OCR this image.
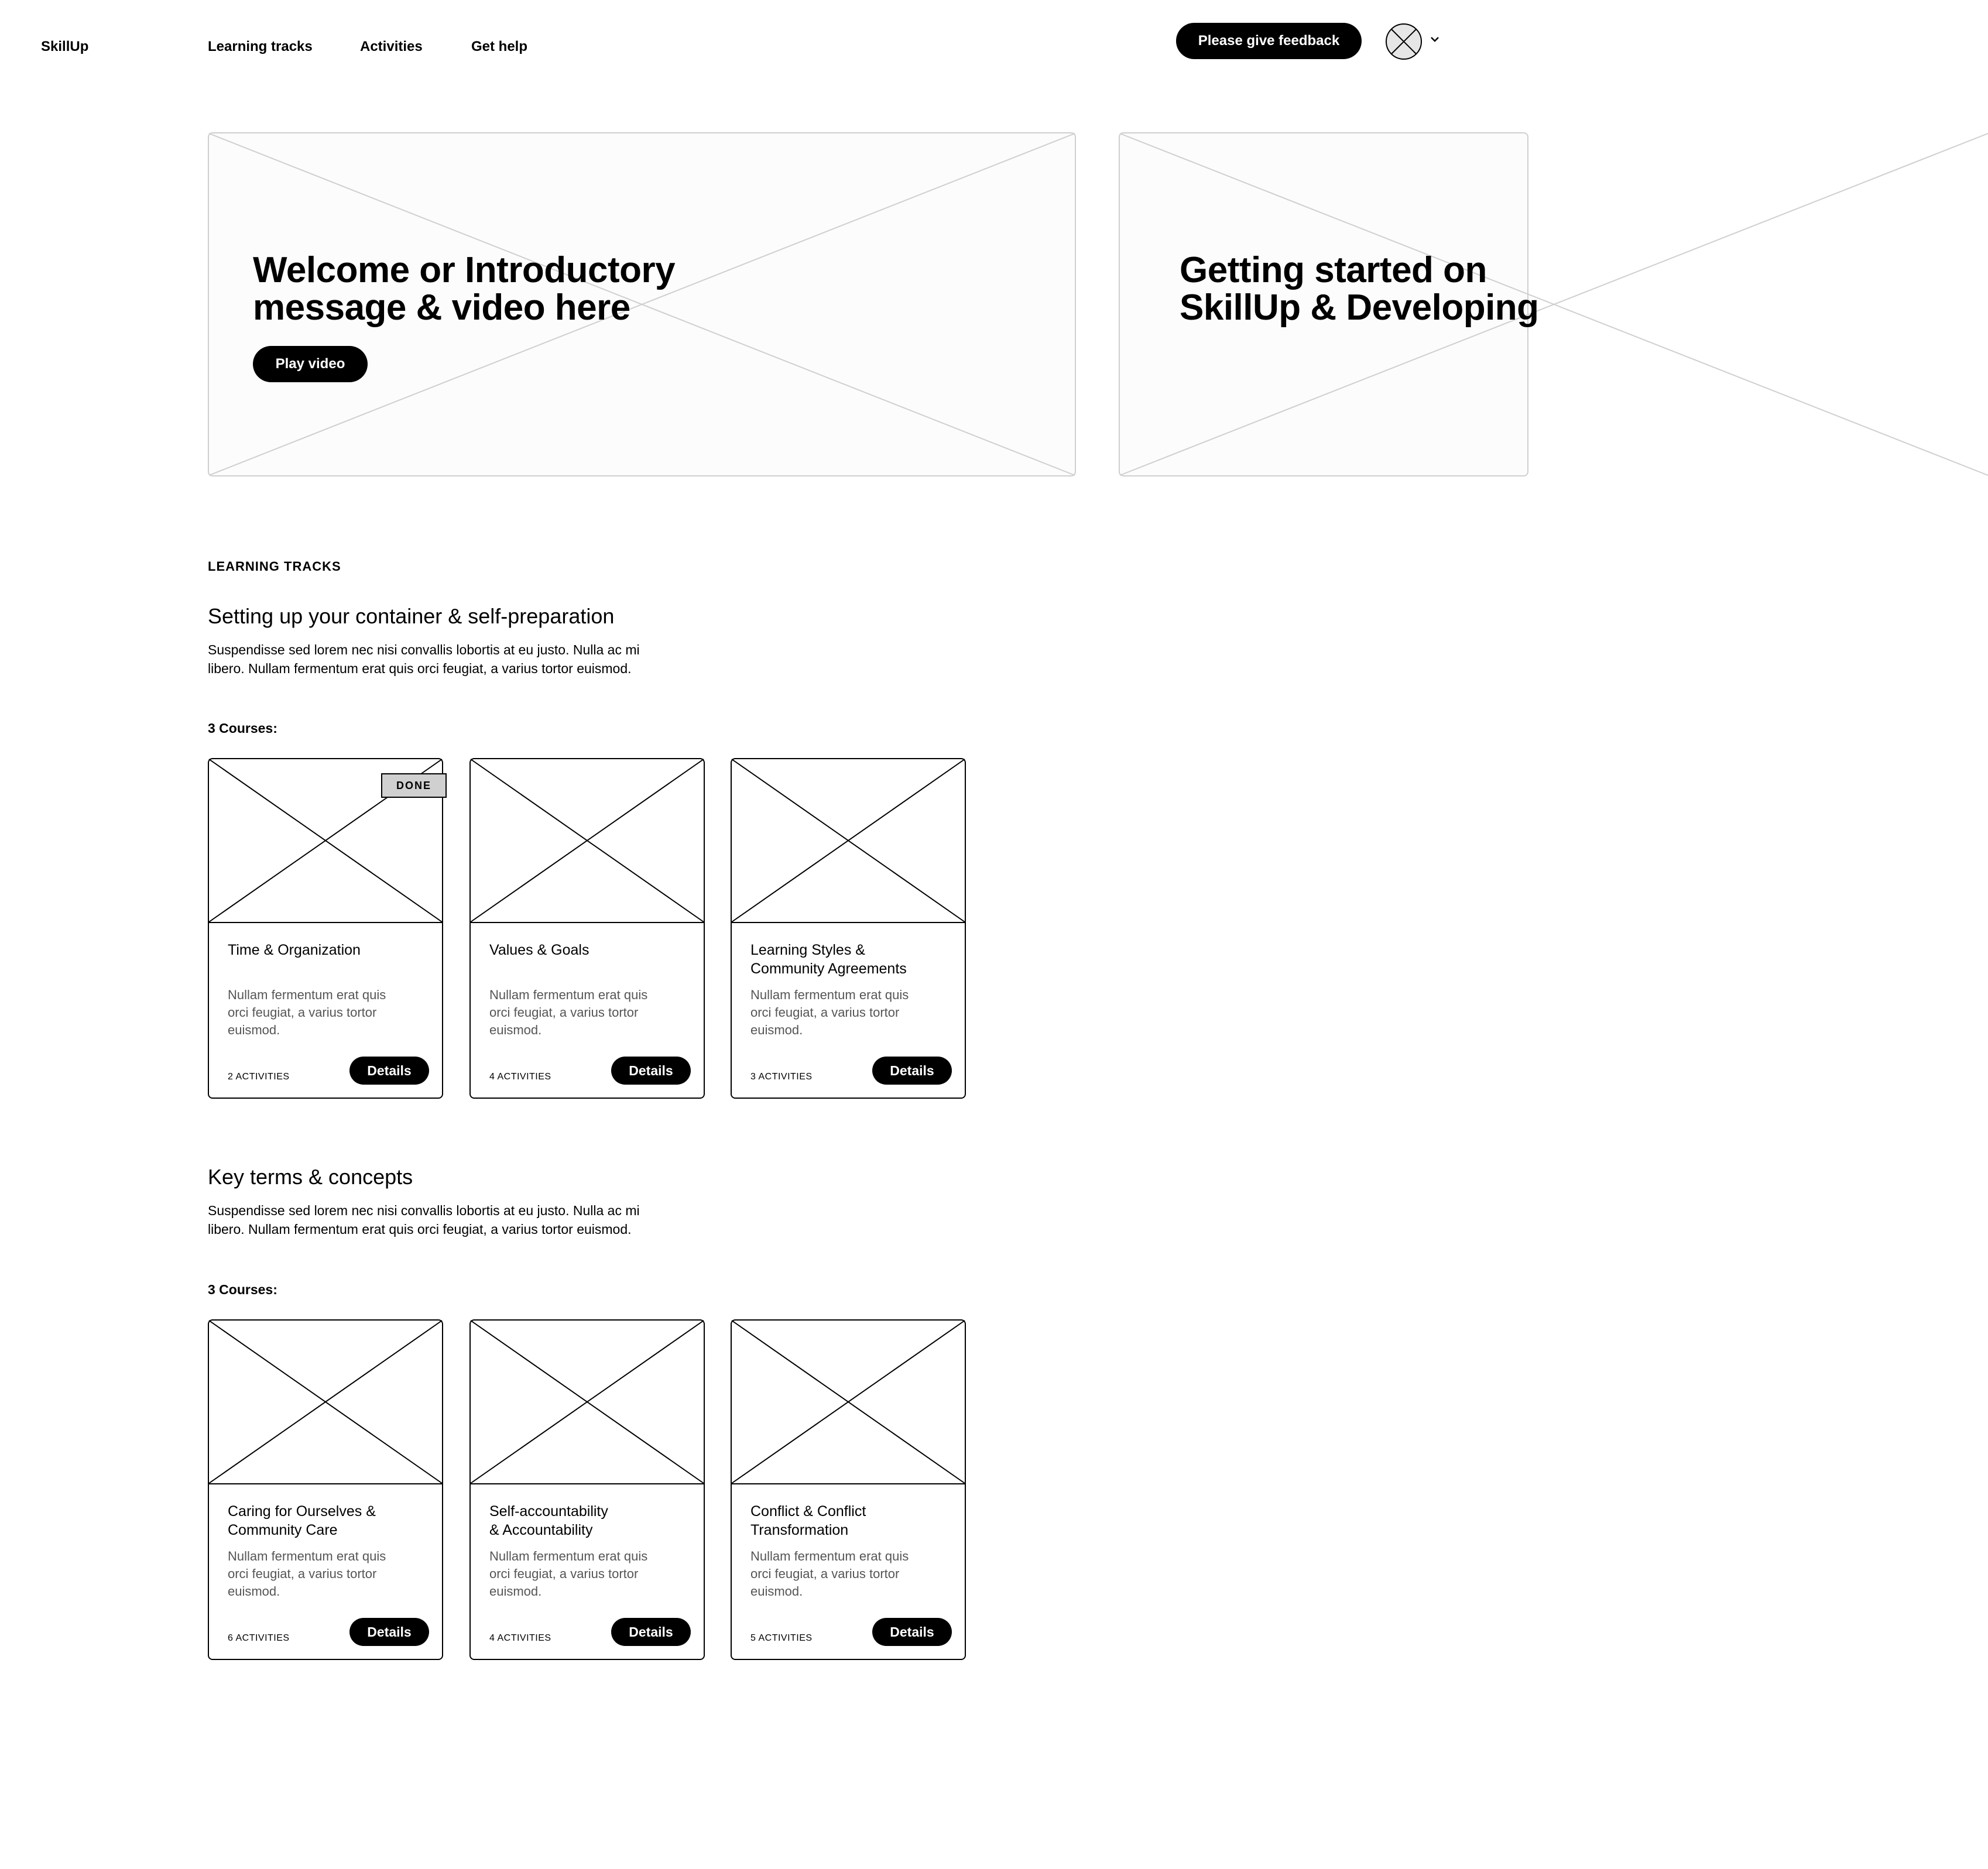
SkillUp	Learning tracks	Activities	Get help	Please give feedback
Welcome or Introductory
message & video here
Play video
Getting started on
SkillUp & Developing
LEARNING TRACKS
Setting up your container & self-preparation
Suspendisse sed lorem nec nisi convallis lobortis at eu justo. Nulla ac mi
libero. Nullam fermentum erat quis orci feugiat, a varius tortor euismod.
3 Courses:
DONE
Time & Organization
Nullam fermentum erat quis
orci feugiat, a varius tortor
euismod.
2 ACTIVITIES	Details
Values & Goals
Nullam fermentum erat quis
orci feugiat, a varius tortor
euismod.
4 ACTIVITIES	Details
Learning Styles &
Community Agreements
Nullam fermentum erat quis
orci feugiat, a varius tortor
euismod.
3 ACTIVITIES	Details
Key terms & concepts
Suspendisse sed lorem nec nisi convallis lobortis at eu justo. Nulla ac mi
libero. Nullam fermentum erat quis orci feugiat, a varius tortor euismod.
3 Courses:
Caring for Ourselves &
Community Care
Nullam fermentum erat quis
orci feugiat, a varius tortor
euismod.
6 ACTIVITIES	Details
Self-accountability
& Accountability
Nullam fermentum erat quis
orci feugiat, a varius tortor
euismod.
4 ACTIVITIES	Details
Conflict & Conflict
Transformation
Nullam fermentum erat quis
orci feugiat, a varius tortor
euismod.
5 ACTIVITIES	Details
